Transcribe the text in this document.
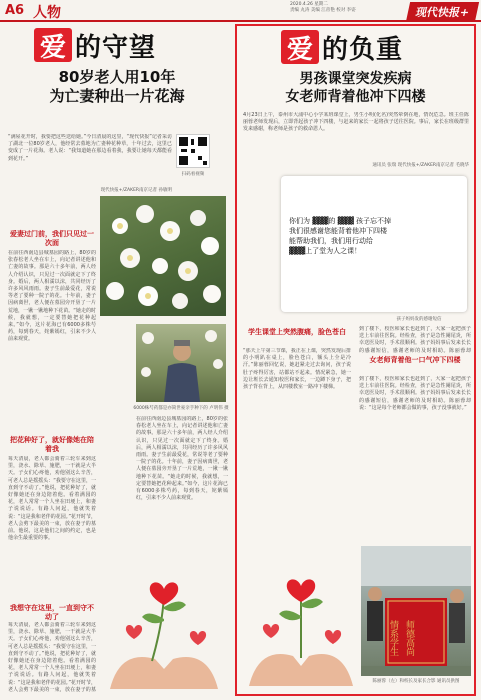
A6 人物
2020.4.26 星期二
责编 丸涛 美编 江帝艳 校对 李姿	现代快报+
爱 的守望
80岁老人用10年
为亡妻种出一片花海
“满屋花开时，我要把这些送给她。”今日清晨的这里，“现代快报”记者采访了湖北一位80岁老人，他经常去墓地为亡妻种花种草，十年过去，这里已变成了一片花海。老人说：“我知道她在那边看着我，我要让她每天都能看到花开。”
现代快报+/ZAKER南京记者 孙敏明
扫码看视频
6000株芍药都是亦简世豪亲手种下的 卢明伟 摄
爱妻过门前，我们只见过一次面
在前往西南边县城墓园的路上，80岁的张春松老人坐在车上，向记者讲述他和亡妻的故事。那是六十多年前，两人经人介绍认识，只见过一次面就定下了终身。婚后，两人相濡以沫，共同经历了许多风风雨雨。妻子生前最爱花，常说等老了要种一院子的花。十年前，妻子因病离世，老人便在墓园旁开垦了一片荒地，一锹一锹地种下花苗。“她走的时候，我就想，一定要替她把花种起来。”如今，这片花海已有6000多株芍药，每到春天，姹紫嫣红，引来不少人前来观赏。
把花种好了，就好像她在陪着我
每天清晨，老人都会骑着三轮车来到这里，浇水、除草、施肥，一干就是大半天。子女们心疼他，劝他别这么辛苦，可老人总是摇摇头：“我要守在这里，一直到守不动了。”他说，把花种好了，就好像她还在身边陪着他。看着满园的花，老人常常一个人坐在田埂上，和妻子说说话。有路人问起，他就笑着说：“这是我和老伴的花园。”花开时节，老人会剪下最美的一束，放在妻子的墓前。他说，这是他们之间的约定，也是他余生最重要的事。
我想守在这里，一直到守不动了
每天清晨，老人都会骑着三轮车来到这里，浇水、除草、施肥，一干就是大半天。子女们心疼他，劝他别这么辛苦，可老人总是摇摇头：“我要守在这里，一直到守不动了。”他说，把花种好了，就好像她还在身边陪着他。看着满园的花，老人常常一个人坐在田埂上，和妻子说说话。有路人问起，他就笑着说：“这是我和老伴的花园。”花开时节，老人会剪下最美的一束，放在妻子的墓
在前往西南边县城墓园的路上，80岁的张春松老人坐在车上，向记者讲述他和亡妻的故事。那是六十多年前，两人经人介绍认识，只见过一次面就定下了终身。婚后，两人相濡以沫，共同经历了许多风风雨雨。妻子生前最爱花，常说等老了要种一院子的花。十年前，妻子因病离世，老人便在墓园旁开垦了一片荒地，一锹一锹地种下花苗。“她走的时候，我就想，一定要替她把花种起来。”如今，这片花海已有6000多株芍药，每到春天，姹紫嫣红，引来不少人前来观赏。
爱 的负重
男孩课堂突发疾病
女老师背着他冲下四楼
4月23日上午，泰州市大浦中心小学某班课堂上，男生小明(化名)突然晕倒在地，情况危急。班主任陈丽蓉老师发现后，立即背起孩子冲下四楼，与赶来的家长一起将孩子送往医院。事后，家长在班级群里发来感谢，称老师是孩子的救命恩人。
通讯员 张瑞 现代快报+/ZAKER南京记者 毛晓华
你们为 ▓▓▓的 ▓▓▓ 孩子忘不掉
我们很感谢您能背着他冲下四楼
能帮助我们，我们用行动给
▓▓▓上了堂为人之课！
孩子妈妈发的感谢短信
学生课堂上突然腹痛，脸色苍白
“那天上午第三节课，我正在上课，突然发现后排的小明趴在桌上，脸色苍白，额头上全是冷汗。”陈丽蓉回忆说，她赶紧走过去询问，孩子说肚子疼得厉害，站都站不起来。情况紧急，她一边让班长去通知校医和家长，一边蹲下身子，把孩子背在背上，从四楼教室一路冲下楼梯。
到了楼下，校医和家长也赶到了，大家一起把孩子送上车前往医院。经检查，孩子是急性阑尾炎，所幸送医及时，手术很顺利。孩子妈妈事后发来长长的感谢短信，感谢老师的及时相助。陈丽蓉却
女老师背着他一口气冲下四楼
到了楼下，校医和家长也赶到了，大家一起把孩子送上车前往医院。经检查，孩子是急性阑尾炎，所幸送医及时，手术很顺利。孩子妈妈事后发来长长的感谢短信，感谢老师的及时相助。陈丽蓉却说：“这是每个老师都会做的事，孩子没事就好。”
师德高尚
情系学生
陈丽蓉（左）和校长及家长合影 通讯员供图
